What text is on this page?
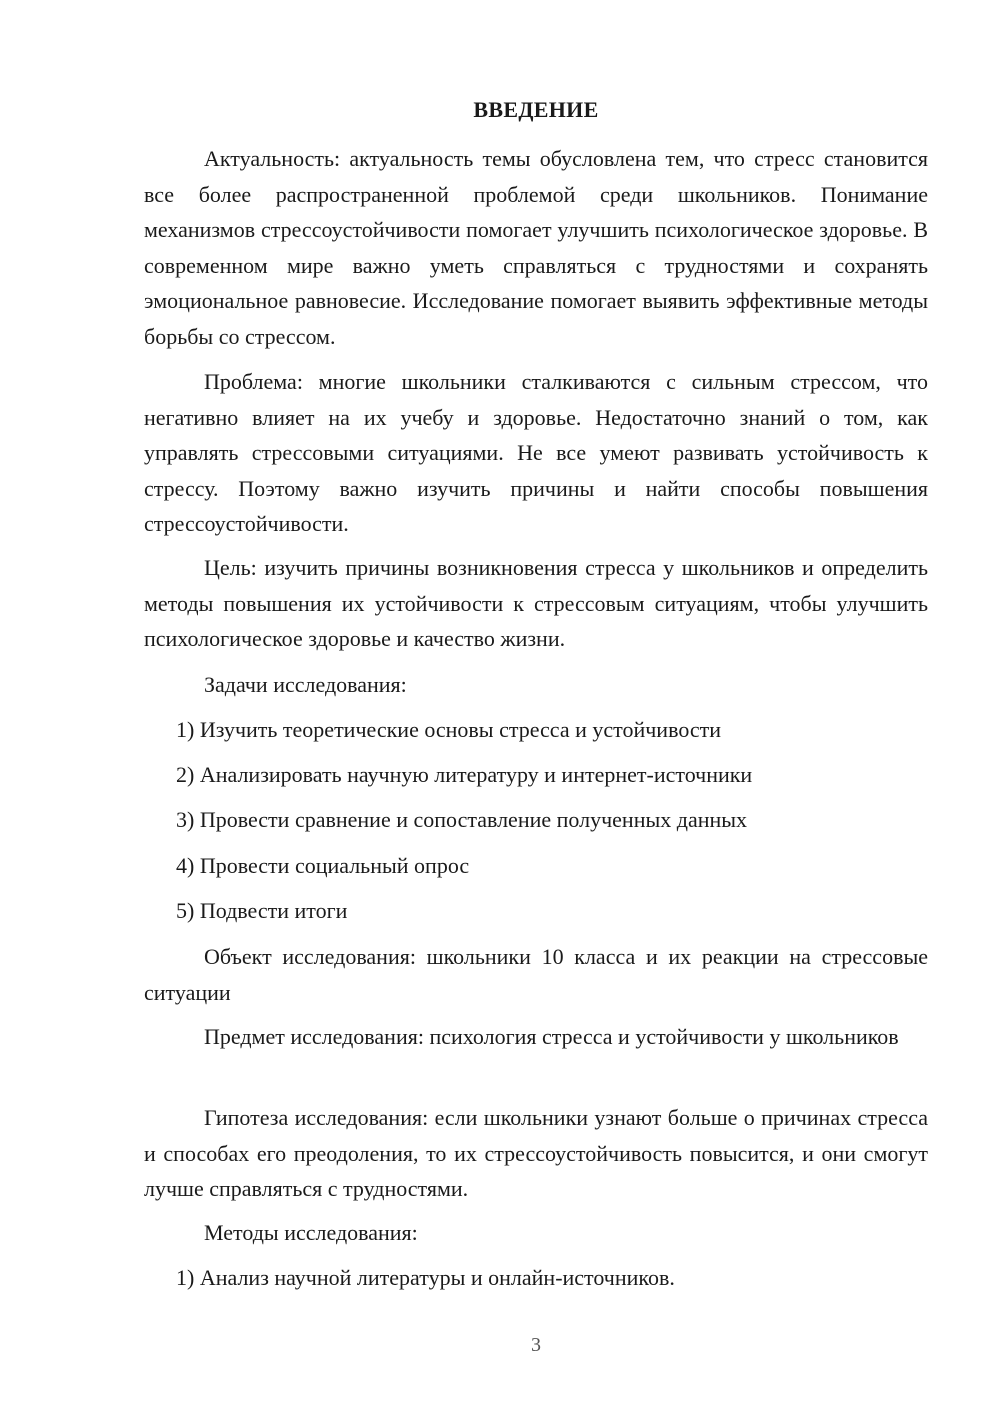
ВВЕДЕНИЕ

Актуальность: актуальность темы обусловлена тем, что стресс становится все более распространенной проблемой среди школьников. Понимание механизмов стрессоустойчивости помогает улучшить психологическое здоровье. В современном мире важно уметь справляться с трудностями и сохранять эмоциональное равновесие. Исследование помогает выявить эффективные методы борьбы со стрессом.

Проблема: многие школьники сталкиваются с сильным стрессом, что негативно влияет на их учебу и здоровье. Недостаточно знаний о том, как управлять стрессовыми ситуациями. Не все умеют развивать устойчивость к стрессу. Поэтому важно изучить причины и найти способы повышения стрессоустойчивости.

Цель: изучить причины возникновения стресса у школьников и определить методы повышения их устойчивости к стрессовым ситуациям, чтобы улучшить психологическое здоровье и качество жизни.

Задачи исследования:

1) Изучить теоретические основы стресса и устойчивости

2) Анализировать научную литературу и интернет-источники

3) Провести сравнение и сопоставление полученных данных

4) Провести социальный опрос

5) Подвести итоги

Объект исследования: школьники 10 класса и их реакции на стрессовые ситуации

Предмет исследования: психология стресса и устойчивости у школьников

Гипотеза исследования: если школьники узнают больше о причинах стресса и способах его преодоления, то их стрессоустойчивость повысится, и они смогут лучше справляться с трудностями.

Методы исследования:

1) Анализ научной литературы и онлайн-источников.

3
